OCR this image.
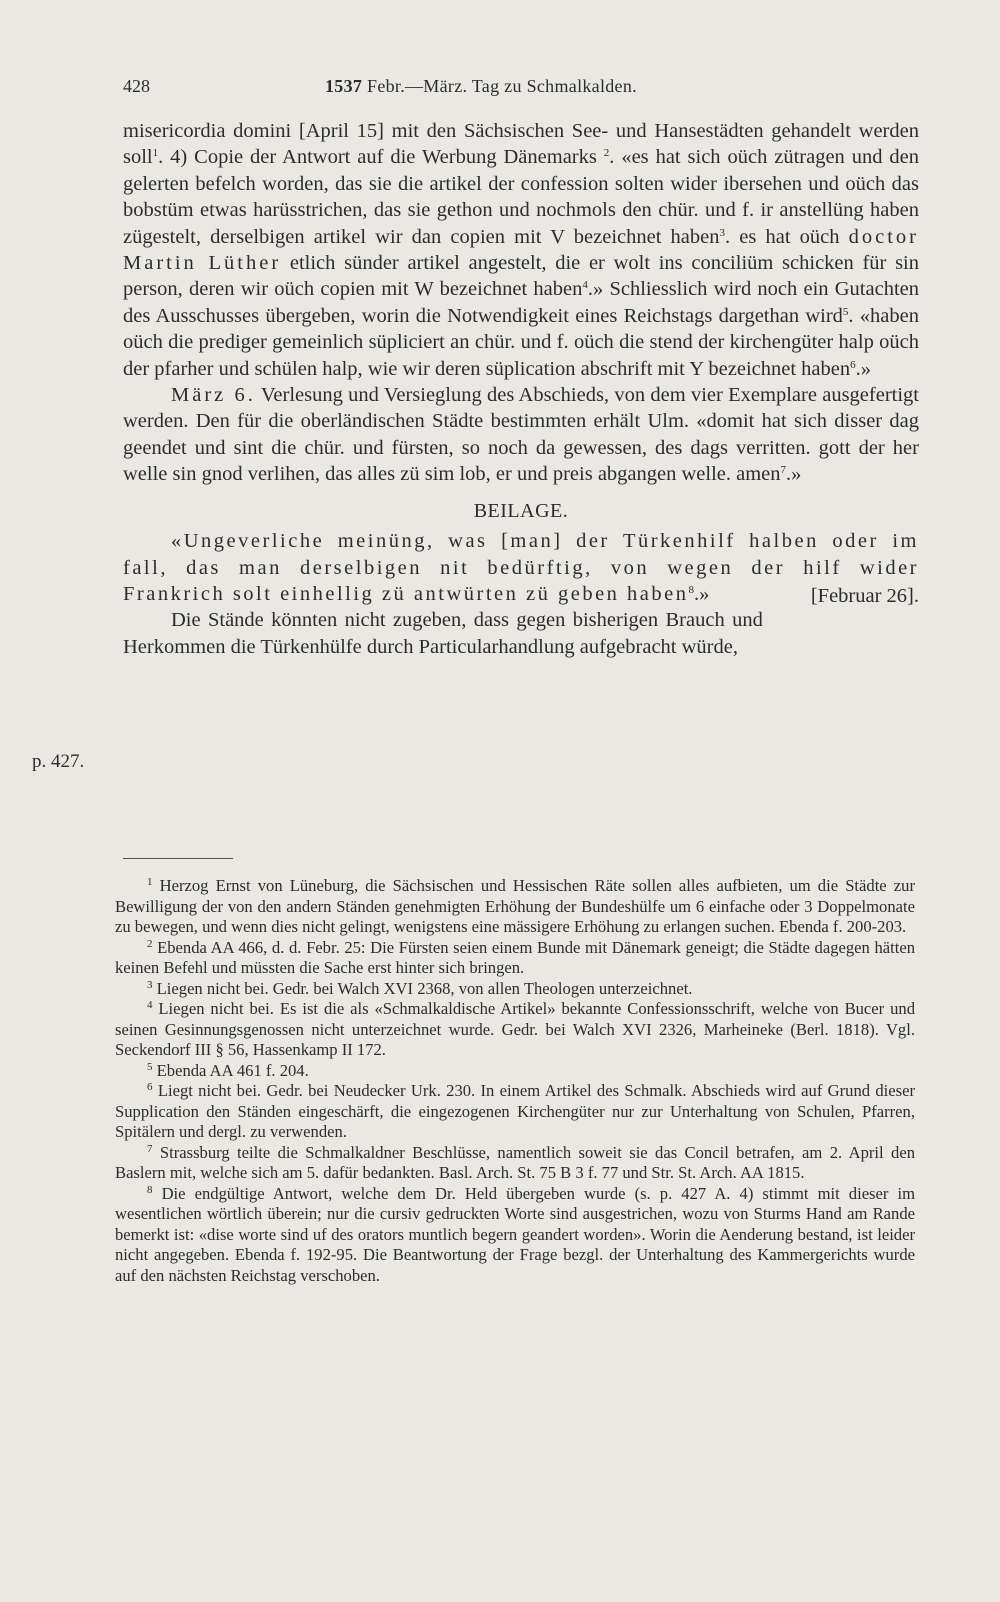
428	1537 Febr.—März. Tag zu Schmalkalden.
p. 427.

misericordia domini [April 15] mit den Sächsischen See- und Hansestädten gehandelt werden soll$^1$. 4) Copie der Antwort auf die Werbung Dänemarks $^2$. «es hat sich oüch zütragen und den gelerten befelch worden, das sie die artikel der confession solten wider ibersehen und oüch das bobstüm etwas harüsstrichen, das sie gethon und nochmols den chür. und f. ir anstellüng haben zügestelt, derselbigen artikel wir dan copien mit V bezeichnet haben$^3$. es hat oüch doctor Martin Lüther etlich sünder artikel angestelt, die er wolt ins conciliüm schicken für sin person, deren wir oüch copien mit W bezeichnet haben$^4$.» Schliesslich wird noch ein Gutachten des Ausschusses übergeben, worin die Notwendigkeit eines Reichstags dargethan wird$^5$. «haben oüch die prediger gemeinlich süpliciert an chür. und f. oüch die stend der kirchengüter halp oüch der pfarher und schülen halp, wie wir deren süplication abschrift mit Y bezeichnet haben$^6$.»

März 6. Verlesung und Versieglung des Abschieds, von dem vier Exemplare ausgefertigt werden. Den für die oberländischen Städte bestimmten erhält Ulm. «domit hat sich disser dag geendet und sint die chür. und fürsten, so noch da gewessen, des dags verritten. gott der her welle sin gnod verlihen, das alles zü sim lob, er und preis abgangen welle. amen$^7$.»

BEILAGE.

«Ungeverliche meinüng, was [man] der Türkenhilf halben oder im fall, das man derselbigen nit bedürftig, von wegen der hilf wider Frankrich solt einhellig zü antwürten zü geben haben$^8$.»	[Februar 26].

Die Stände könnten nicht zugeben, dass gegen bisherigen Brauch und Herkommen die Türkenhülfe durch Particularhandlung aufgebracht würde,

$^1$ Herzog Ernst von Lüneburg, die Sächsischen und Hessischen Räte sollen alles aufbieten, um die Städte zur Bewilligung der von den andern Ständen genehmigten Erhöhung der Bundeshülfe um 6 einfache oder 3 Doppelmonate zu bewegen, und wenn dies nicht gelingt, wenigstens eine mässigere Erhöhung zu erlangen suchen. Ebenda f. 200-203.

$^2$ Ebenda AA 466, d. d. Febr. 25: Die Fürsten seien einem Bunde mit Dänemark geneigt; die Städte dagegen hätten keinen Befehl und müssten die Sache erst hinter sich bringen.

$^3$ Liegen nicht bei. Gedr. bei Walch XVI 2368, von allen Theologen unterzeichnet.

$^4$ Liegen nicht bei. Es ist die als «Schmalkaldische Artikel» bekannte Confessionsschrift, welche von Bucer und seinen Gesinnungsgenossen nicht unterzeichnet wurde. Gedr. bei Walch XVI 2326, Marheineke (Berl. 1818). Vgl. Seckendorf III § 56, Hassenkamp II 172.

$^5$ Ebenda AA 461 f. 204.

$^6$ Liegt nicht bei. Gedr. bei Neudecker Urk. 230. In einem Artikel des Schmalk. Abschieds wird auf Grund dieser Supplication den Ständen eingeschärft, die eingezogenen Kirchengüter nur zur Unterhaltung von Schulen, Pfarren, Spitälern und dergl. zu verwenden.

$^7$ Strassburg teilte die Schmalkaldner Beschlüsse, namentlich soweit sie das Concil betrafen, am 2. April den Baslern mit, welche sich am 5. dafür bedankten. Basl. Arch. St. 75 B 3 f. 77 und Str. St. Arch. AA 1815.

$^8$ Die endgültige Antwort, welche dem Dr. Held übergeben wurde (s. p. 427 A. 4) stimmt mit dieser im wesentlichen wörtlich überein; nur die cursiv gedruckten Worte sind ausgestrichen, wozu von Sturms Hand am Rande bemerkt ist: «dise worte sind uf des orators muntlich begern geandert worden». Worin die Aenderung bestand, ist leider nicht angegeben. Ebenda f. 192-95. Die Beantwortung der Frage bezgl. der Unterhaltung des Kammergerichts wurde auf den nächsten Reichstag verschoben.
